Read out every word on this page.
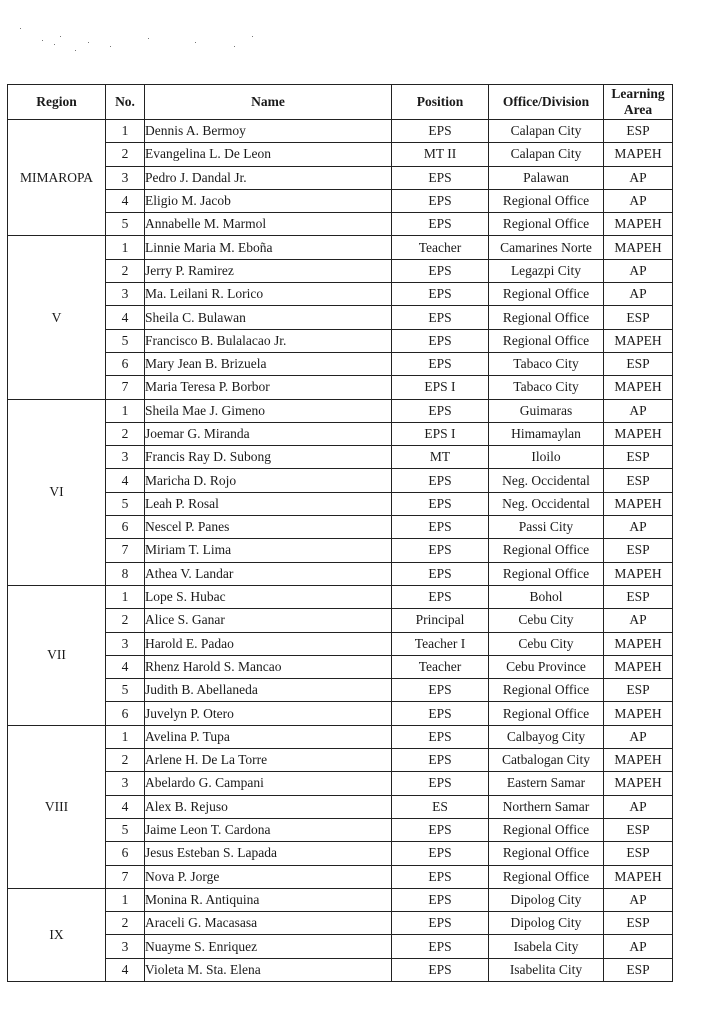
Region	No.	Name	Position	Office/Division	Learning
Area
MIMAROPA	1	Dennis A. Bermoy	EPS	Calapan City	ESP
	2	Evangelina L. De Leon	MT II	Calapan City	MAPEH
	3	Pedro J. Dandal Jr.	EPS	Palawan	AP
	4	Eligio M. Jacob	EPS	Regional Office	AP
	5	Annabelle M. Marmol	EPS	Regional Office	MAPEH
V	1	Linnie Maria M. Eboña	Teacher	Camarines Norte	MAPEH
	2	Jerry P. Ramirez	EPS	Legazpi City	AP
	3	Ma. Leilani R. Lorico	EPS	Regional Office	AP
	4	Sheila C. Bulawan	EPS	Regional Office	ESP
	5	Francisco B. Bulalacao Jr.	EPS	Regional Office	MAPEH
	6	Mary Jean B. Brizuela	EPS	Tabaco City	ESP
	7	Maria Teresa P. Borbor	EPS I	Tabaco City	MAPEH
VI	1	Sheila Mae J. Gimeno	EPS	Guimaras	AP
	2	Joemar G. Miranda	EPS I	Himamaylan	MAPEH
	3	Francis Ray D. Subong	MT	Iloilo	ESP
	4	Maricha D. Rojo	EPS	Neg. Occidental	ESP
	5	Leah P. Rosal	EPS	Neg. Occidental	MAPEH
	6	Nescel P. Panes	EPS	Passi City	AP
	7	Miriam T. Lima	EPS	Regional Office	ESP
	8	Athea V. Landar	EPS	Regional Office	MAPEH
VII	1	Lope S. Hubac	EPS	Bohol	ESP
	2	Alice S. Ganar	Principal	Cebu City	AP
	3	Harold E. Padao	Teacher I	Cebu City	MAPEH
	4	Rhenz Harold S. Mancao	Teacher	Cebu Province	MAPEH
	5	Judith B. Abellaneda	EPS	Regional Office	ESP
	6	Juvelyn P. Otero	EPS	Regional Office	MAPEH
VIII	1	Avelina P. Tupa	EPS	Calbayog City	AP
	2	Arlene H. De La Torre	EPS	Catbalogan City	MAPEH
	3	Abelardo G. Campani	EPS	Eastern Samar	MAPEH
	4	Alex B. Rejuso	ES	Northern Samar	AP
	5	Jaime Leon T. Cardona	EPS	Regional Office	ESP
	6	Jesus Esteban S. Lapada	EPS	Regional Office	ESP
	7	Nova P. Jorge	EPS	Regional Office	MAPEH
IX	1	Monina R. Antiquina	EPS	Dipolog City	AP
	2	Araceli G. Macasasa	EPS	Dipolog City	ESP
	3	Nuayme S. Enriquez	EPS	Isabela City	AP
	4	Violeta M. Sta. Elena	EPS	Isabelita City	ESP
